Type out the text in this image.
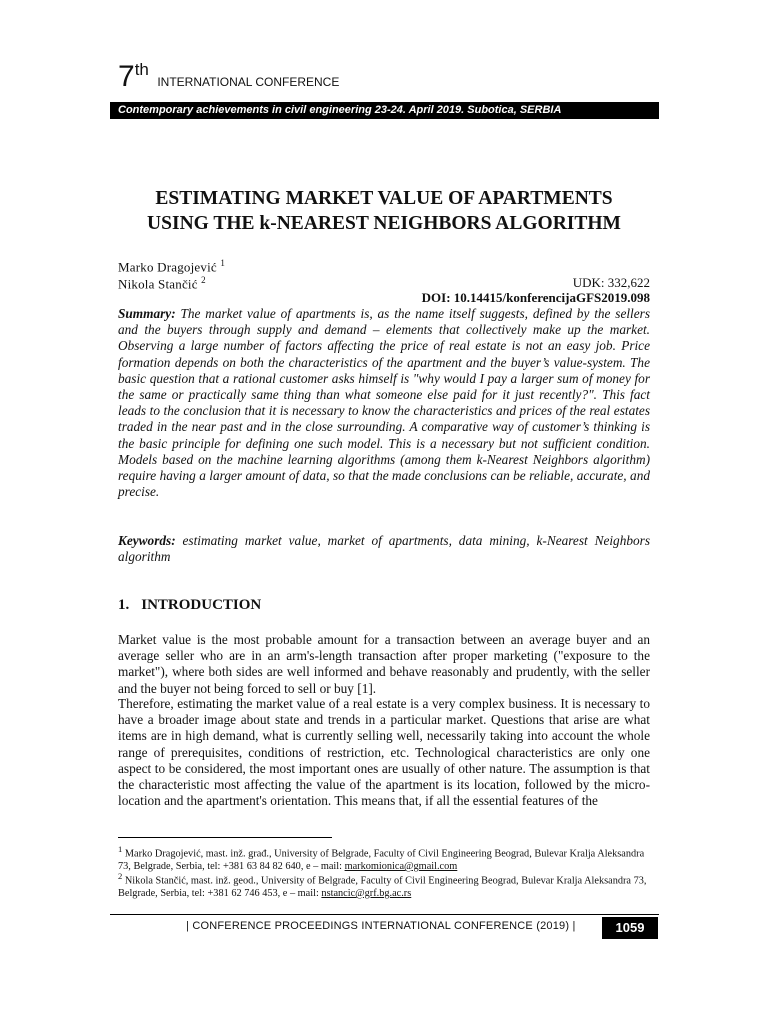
7th INTERNATIONAL CONFERENCE
Contemporary achievements in civil engineering 23-24. April 2019. Subotica, SERBIA
ESTIMATING MARKET VALUE OF APARTMENTS
USING THE k-NEAREST NEIGHBORS ALGORITHM
Marko Dragojević $^1$
Nikola Stančić $^2$	UDK: 332,622
DOI: 10.14415/konferencijaGFS2019.098
Summary: The market value of apartments is, as the name itself suggests, defined by the sellers and the buyers through supply and demand – elements that collectively make up the market. Observing a large number of factors affecting the price of real estate is not an easy job. Price formation depends on both the characteristics of the apartment and the buyer’s value-system. The basic question that a rational customer asks himself is "why would I pay a larger sum of money for the same or practically same thing than what someone else paid for it just recently?". This fact leads to the conclusion that it is necessary to know the characteristics and prices of the real estates traded in the near past and in the close surrounding. A comparative way of customer’s thinking is the basic principle for defining one such model. This is a necessary but not sufficient condition. Models based on the machine learning algorithms (among them k-Nearest Neighbors algorithm) require having a larger amount of data, so that the made conclusions can be reliable, accurate, and precise.
Keywords: estimating market value, market of apartments, data mining, k-Nearest Neighbors algorithm
1. INTRODUCTION
Market value is the most probable amount for a transaction between an average buyer and an average seller who are in an arm's-length transaction after proper marketing ("exposure to the market"), where both sides are well informed and behave reasonably and prudently, with the seller and the buyer not being forced to sell or buy [1].
Therefore, estimating the market value of a real estate is a very complex business. It is necessary to have a broader image about state and trends in a particular market. Questions that arise are what items are in high demand, what is currently selling well, necessarily taking into account the whole range of prerequisites, conditions of restriction, etc. Technological characteristics are only one aspect to be considered, the most important ones are usually of other nature. The assumption is that the characteristic most affecting the value of the apartment is its location, followed by the micro-location and the apartment's orientation. This means that, if all the essential features of the
$^1$ Marko Dragojević, mast. inž. građ., University of Belgrade, Faculty of Civil Engineering Beograd, Bulevar Kralja Aleksandra 73, Belgrade, Serbia, tel: +381 63 84 82 640, e – mail: markomionica@gmail.com
$^2$ Nikola Stančić, mast. inž. geod., University of Belgrade, Faculty of Civil Engineering Beograd, Bulevar Kralja Aleksandra 73, Belgrade, Serbia, tel: +381 62 746 453, e – mail: nstancic@grf.bg.ac.rs
| CONFERENCE PROCEEDINGS INTERNATIONAL CONFERENCE (2019) |	1059
